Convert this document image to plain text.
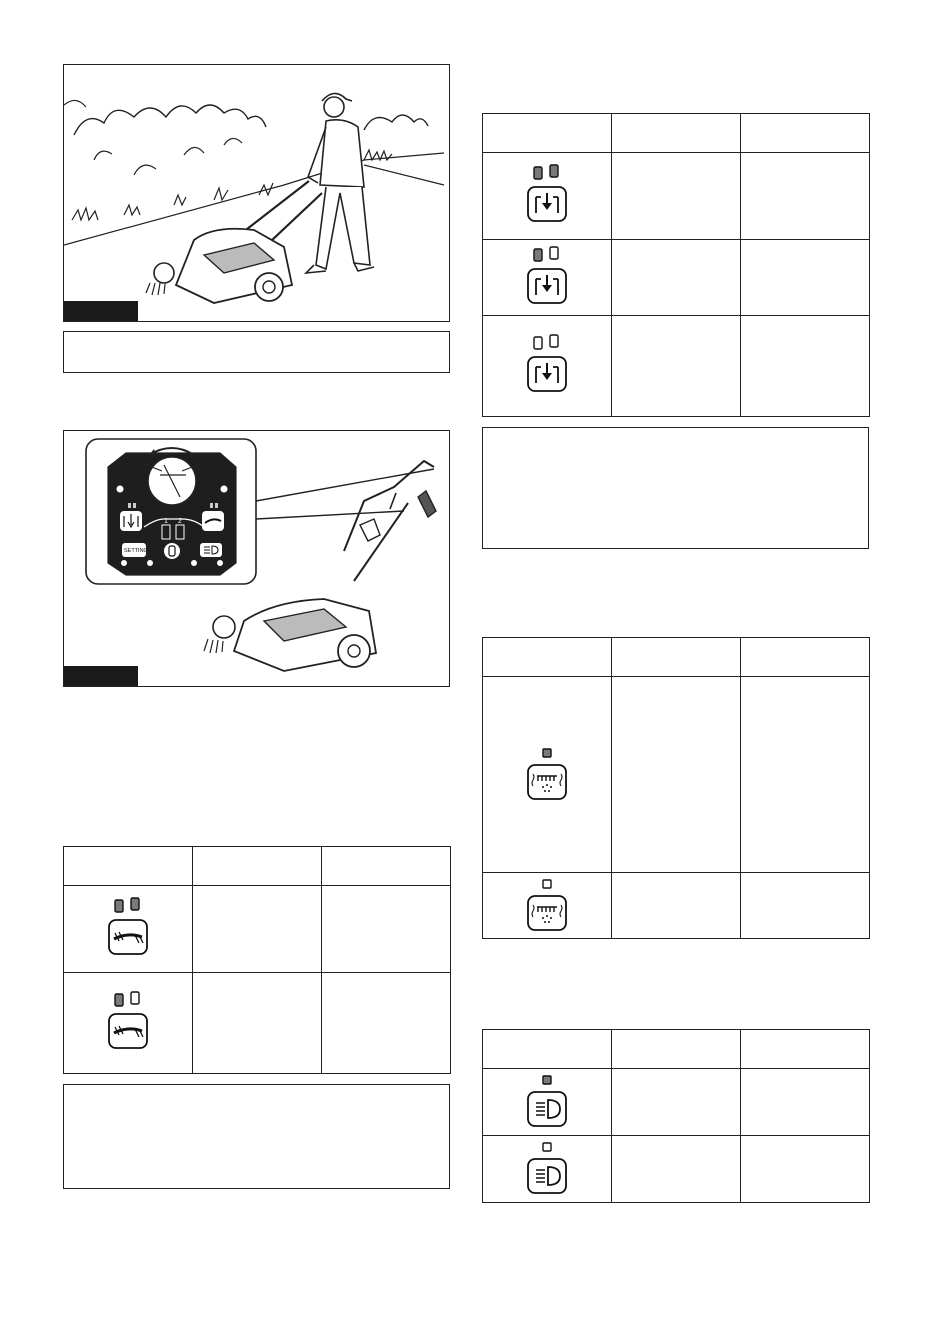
1 2
SETTING
